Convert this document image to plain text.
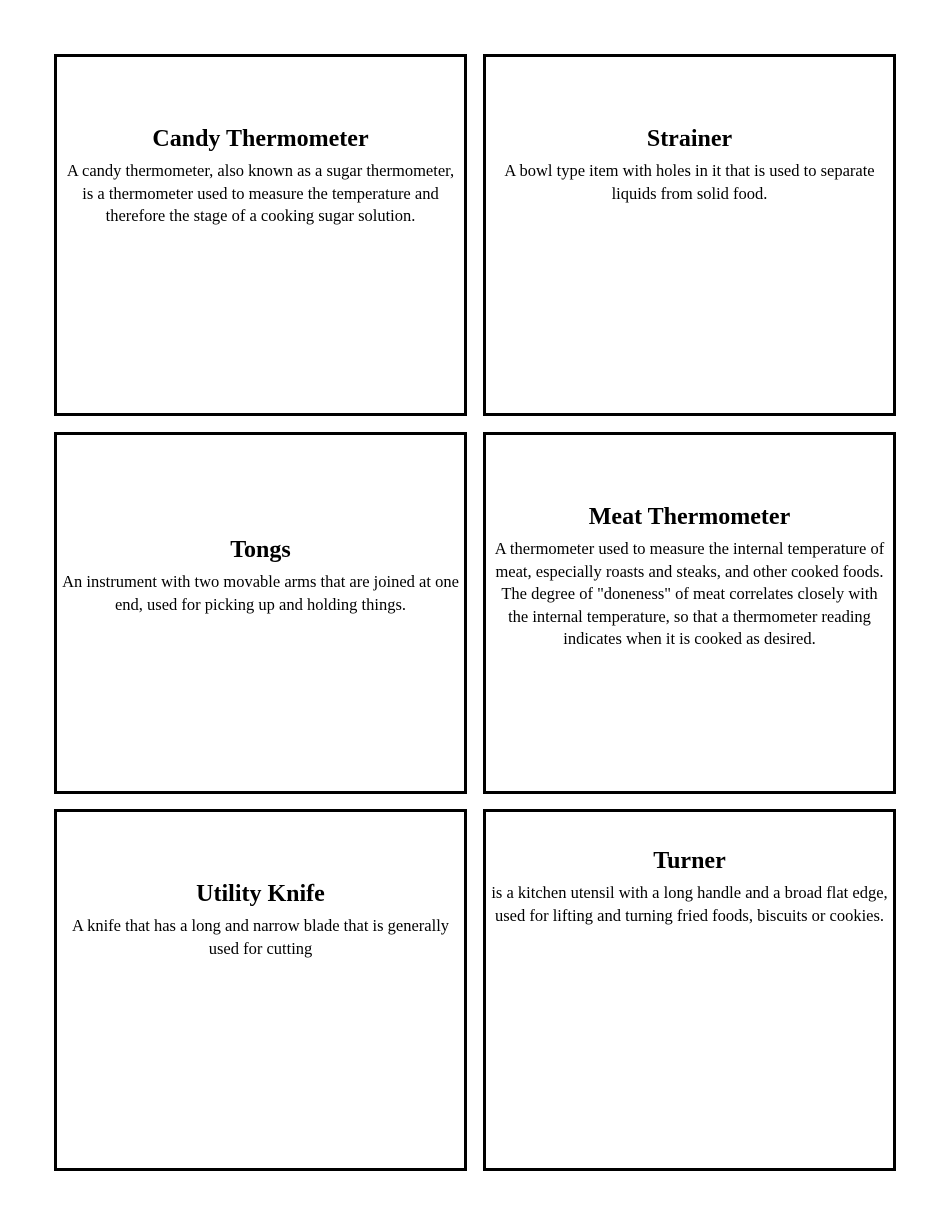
Candy Thermometer

A candy thermometer, also known as a sugar thermometer, is a thermometer used to measure the temperature and therefore the stage of a cooking sugar solution.

Strainer

A bowl type item with holes in it that is used to separate liquids from solid food.

Tongs

An instrument with two movable arms that are joined at one end, used for picking up and holding things.

Meat Thermometer

A thermometer used to measure the internal temperature of meat, especially roasts and steaks, and other cooked foods. The degree of "doneness" of meat correlates closely with the internal temperature, so that a thermometer reading indicates when it is cooked as desired.

Utility Knife

A knife that has a long and narrow blade that is generally used for cutting

Turner

is a kitchen utensil with a long handle and a broad flat edge, used for lifting and turning fried foods, biscuits or cookies.
